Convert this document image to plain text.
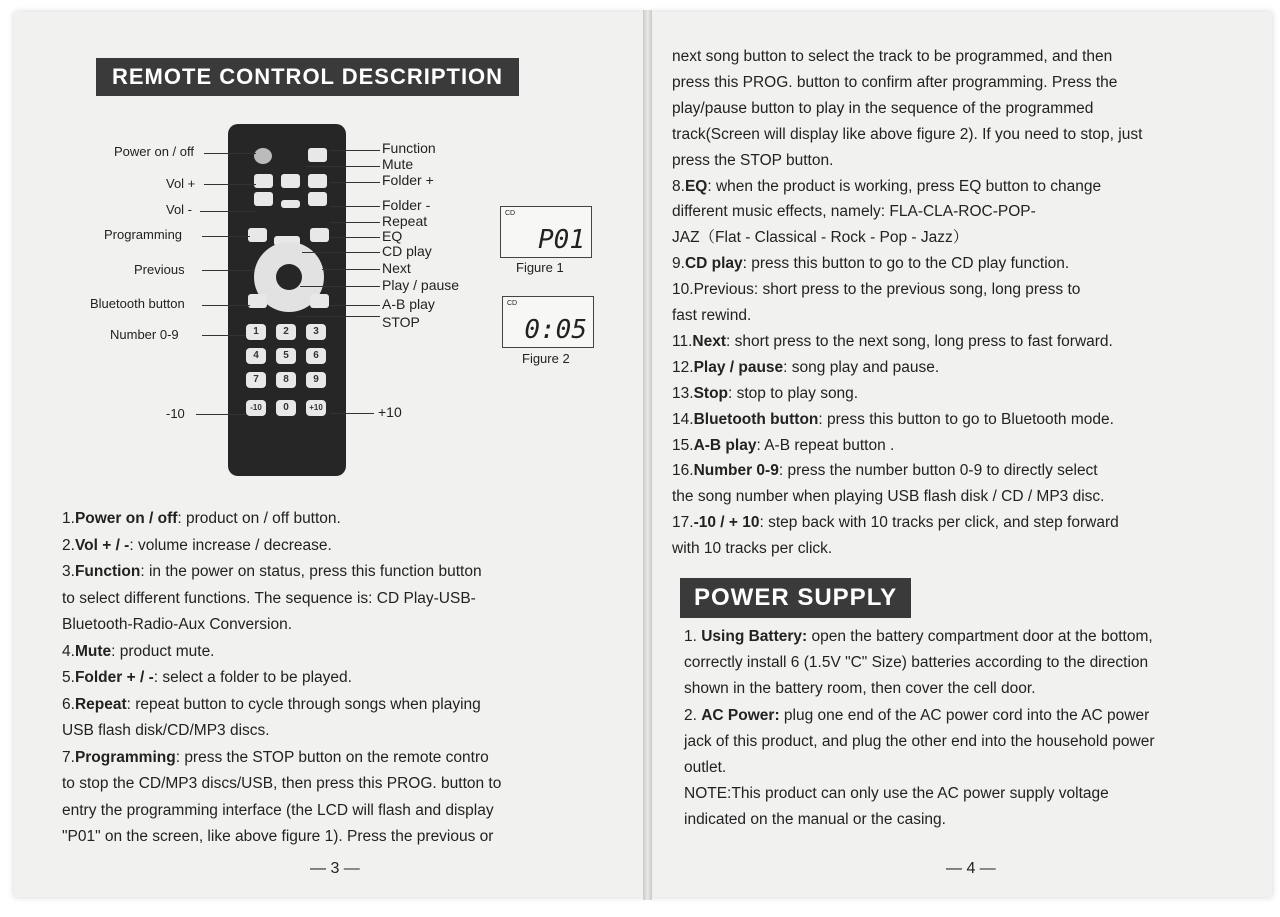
REMOTE CONTROL DESCRIPTION
1	2	3
4	5	6
7	8	9
-10	0	+10
Power on / off
Vol +
Vol -
Programming
Previous
Bluetooth button
Number 0-9
-10
Function
Mute
Folder +
Folder -
Repeat
EQ
CD play
Next
Play / pause
A-B play
STOP
+10
CD
P01
Figure 1
CD
0:05
Figure 2
1.Power on / off: product on / off button.
2.Vol + / -: volume increase / decrease.
3.Function: in the power on status, press this function button
to select different functions. The sequence is: CD Play-USB-
Bluetooth-Radio-Aux Conversion.
4.Mute: product mute.
5.Folder + / -: select a folder to be played.
6.Repeat: repeat button to cycle through songs when playing
USB flash disk/CD/MP3 discs.
7.Programming: press the STOP button on the remote contro
to stop the CD/MP3 discs/USB, then press this PROG. button to
entry the programming interface (the LCD will flash and display
"P01" on the screen, like above figure 1). Press the previous or
— 3 —
next song button to select the track to be programmed, and then
press this PROG. button to confirm after programming. Press the
play/pause button to play in the sequence of the programmed
track(Screen will display like above figure 2). If you need to stop, just
press the STOP button.
8.EQ: when the product is working, press EQ button to change
different music effects, namely: FLA-CLA-ROC-POP-
JAZ（Flat - Classical - Rock - Pop - Jazz）
9.CD play: press this button to go to the CD play function.
10.Previous: short press to the previous song, long press to
fast rewind.
11.Next: short press to the next song, long press to fast forward.
12.Play / pause: song play and pause.
13.Stop: stop to play song.
14.Bluetooth button: press this button to go to Bluetooth mode.
15.A-B play: A-B repeat button .
16.Number 0-9: press the number button 0-9 to directly select
the song number when playing USB flash disk / CD / MP3 disc.
17.-10 / + 10: step back with 10 tracks per click, and step forward
with 10 tracks per click.
POWER SUPPLY
1. Using Battery: open the battery compartment door at the bottom,
correctly install 6 (1.5V "C" Size) batteries according to the direction
shown in the battery room, then cover the cell door.
2. AC Power: plug one end of the AC power cord into the AC power
jack of this product, and plug the other end into the household power
outlet.
NOTE:This product can only use the AC power supply voltage
indicated on the manual or the casing.
— 4 —
